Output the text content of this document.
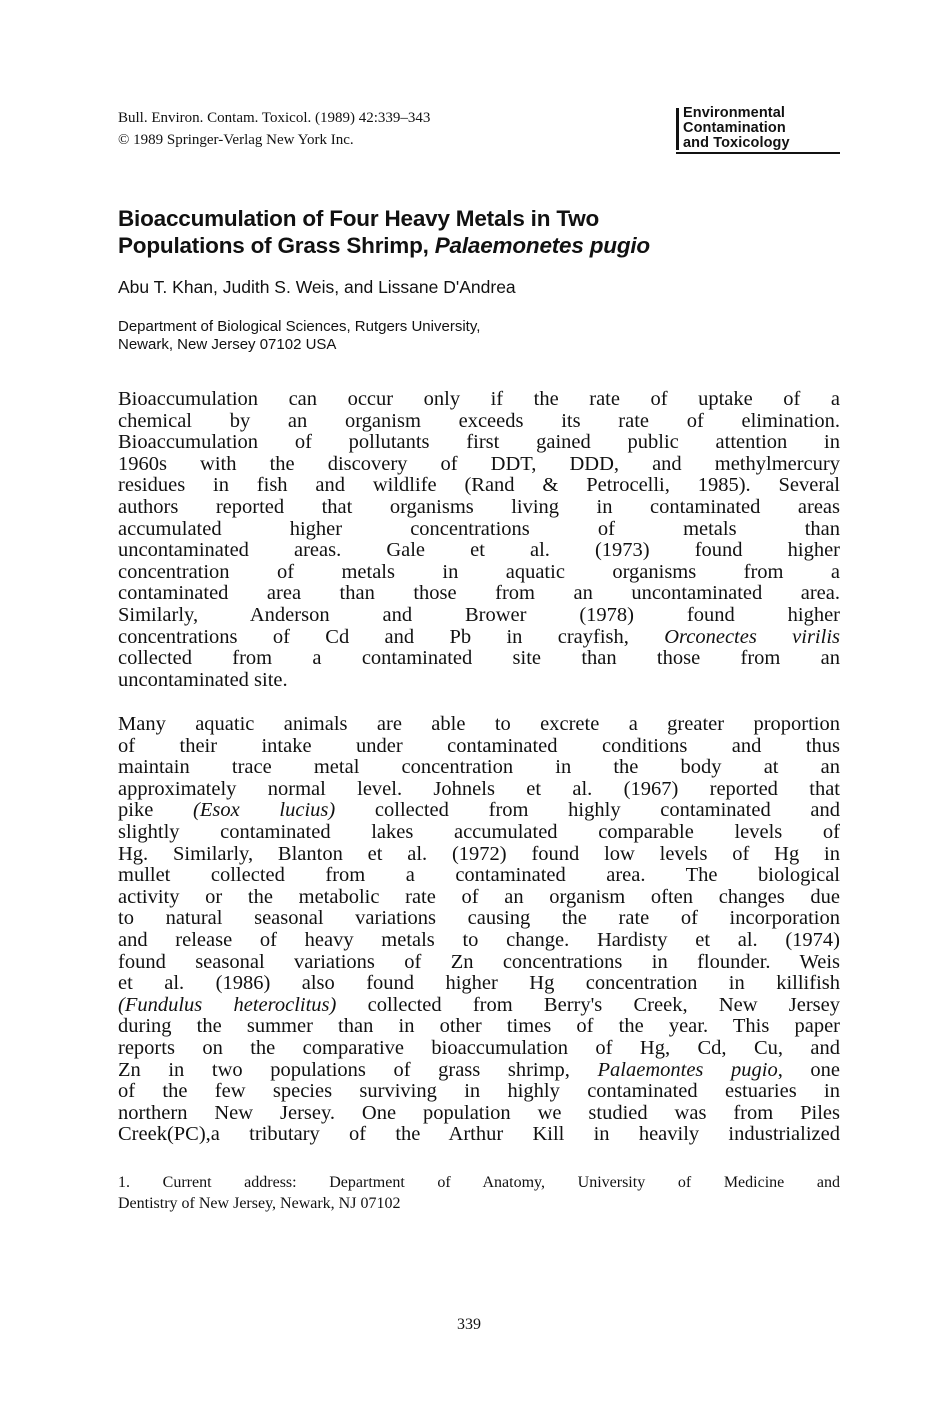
Bull. Environ. Contam. Toxicol. (1989) 42:339–343
© 1989 Springer-Verlag New York Inc.
Environmental
Contamination
and Toxicology
Bioaccumulation of Four Heavy Metals in Two
Populations of Grass Shrimp, Palaemonetes pugio
Abu T. Khan, Judith S. Weis, and Lissane D'Andrea
Department of Biological Sciences, Rutgers University,
Newark, New Jersey 07102 USA
Bioaccumulation can occur only if the rate of uptake of a
chemical by an organism exceeds its rate of elimination.
Bioaccumulation of pollutants first gained public attention in
1960s with the discovery of DDT, DDD, and methylmercury
residues in fish and wildlife (Rand & Petrocelli, 1985). Several
authors reported that organisms living in contaminated areas
accumulated higher concentrations of metals than
uncontaminated areas. Gale et al. (1973) found higher
concentration of metals in aquatic organisms from a
contaminated area than those from an uncontaminated area.
Similarly, Anderson and Brower (1978) found higher
concentrations of Cd and Pb in crayfish, Orconectes virilis
collected from a contaminated site than those from an
uncontaminated site.
Many aquatic animals are able to excrete a greater proportion
of their intake under contaminated conditions and thus
maintain trace metal concentration in the body at an
approximately normal level. Johnels et al. (1967) reported that
pike (Esox lucius) collected from highly contaminated and
slightly contaminated lakes accumulated comparable levels of
Hg. Similarly, Blanton et al. (1972) found low levels of Hg in
mullet collected from a contaminated area. The biological
activity or the metabolic rate of an organism often changes due
to natural seasonal variations causing the rate of incorporation
and release of heavy metals to change. Hardisty et al. (1974)
found seasonal variations of Zn concentrations in flounder. Weis
et al. (1986) also found higher Hg concentration in killifish
(Fundulus heteroclitus) collected from Berry's Creek, New Jersey
during the summer than in other times of the year. This paper
reports on the comparative bioaccumulation of Hg, Cd, Cu, and
Zn in two populations of grass shrimp, Palaemontes pugio, one
of the few species surviving in highly contaminated estuaries in
northern New Jersey. One population we studied was from Piles
Creek(PC),a tributary of the Arthur Kill in heavily industrialized
1. Current address: Department of Anatomy, University of Medicine and
Dentistry of New Jersey, Newark, NJ 07102
339
